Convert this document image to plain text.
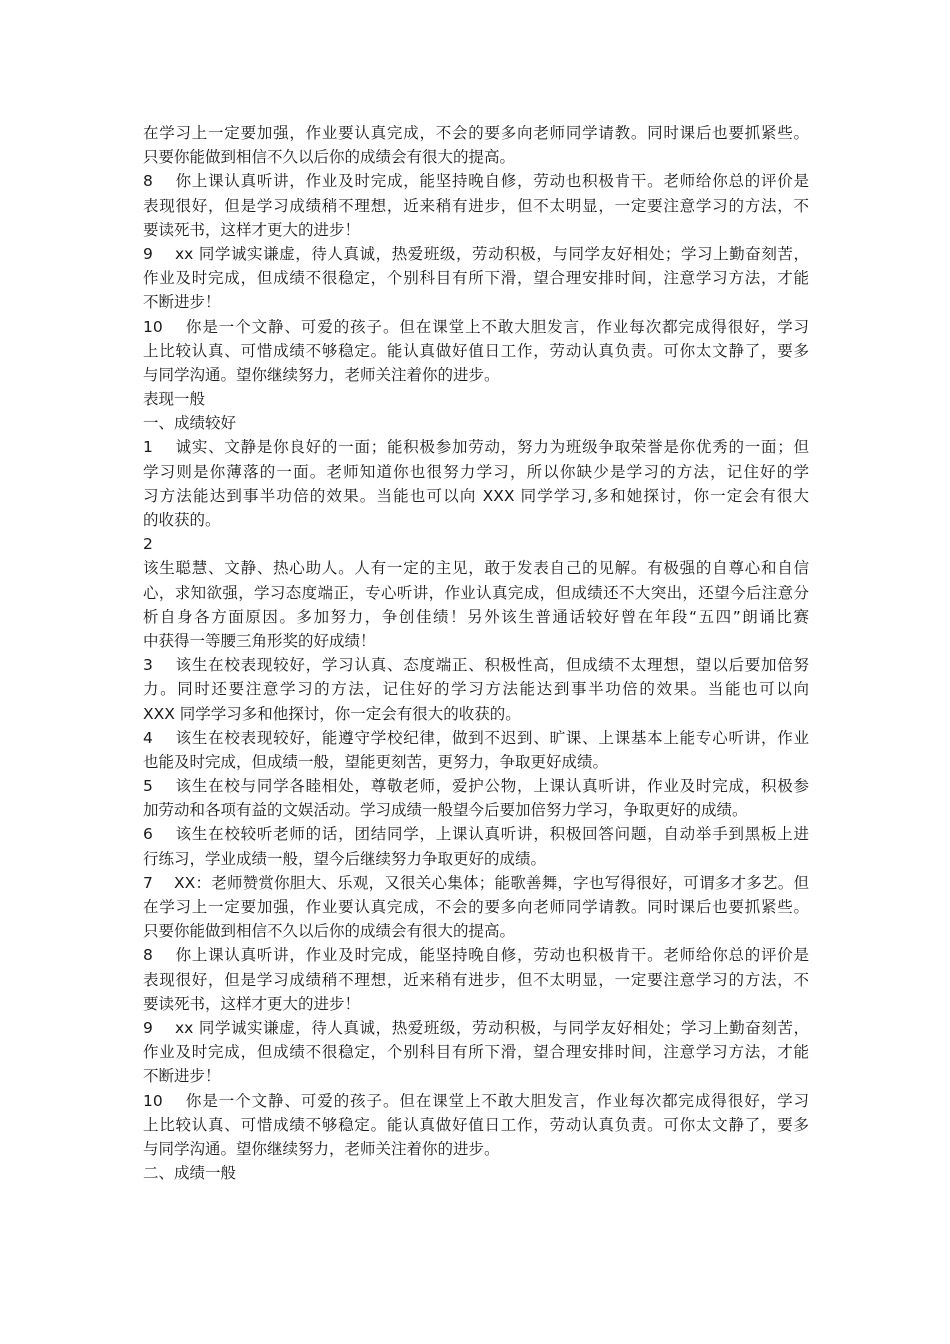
在学习上一定要加强，作业要认真完成，不会的要多向老师同学请教。同时课后也要抓紧些。
只要你能做到相信不久以后你的成绩会有很大的提高。
8　 你上课认真听讲，作业及时完成，能坚持晚自修，劳动也积极肯干。老师给你总的评价是
表现很好，但是学习成绩稍不理想，近来稍有进步，但不太明显，一定要注意学习的方法，不
要读死书，这样才更大的进步！
9　 xx 同学诚实谦虚，待人真诚，热爱班级，劳动积极，与同学友好相处；学习上勤奋刻苦，
作业及时完成，但成绩不很稳定，个别科目有所下滑，望合理安排时间，注意学习方法，才能
不断进步！
10　 你是一个文静、可爱的孩子。但在课堂上不敢大胆发言，作业每次都完成得很好，学习
上比较认真、可惜成绩不够稳定。能认真做好值日工作，劳动认真负责。可你太文静了，要多
与同学沟通。望你继续努力，老师关注着你的进步。
表现一般
一、成绩较好
1　 诚实、文静是你良好的一面；能积极参加劳动，努力为班级争取荣誉是你优秀的一面；但
学习则是你薄落的一面。老师知道你也很努力学习，所以你缺少是学习的方法，记住好的学
习方法能达到事半功倍的效果。当能也可以向 XXX 同学学习,多和她探讨，你一定会有很大
的收获的。
2
该生聪慧、文静、热心助人。人有一定的主见，敢于发表自己的见解。有极强的自尊心和自信
心，求知欲强，学习态度端正，专心听讲，作业认真完成，但成绩还不大突出，还望今后注意分
析自身各方面原因。多加努力，争创佳绩！另外该生普通话较好曾在年段“五四”朗诵比赛
中获得一等腰三角形奖的好成绩！
3　 该生在校表现较好，学习认真、态度端正、积极性高，但成绩不太理想，望以后要加倍努
力。同时还要注意学习的方法，记住好的学习方法能达到事半功倍的效果。当能也可以向
XXX 同学学习多和他探讨，你一定会有很大的收获的。
4　 该生在校表现较好，能遵守学校纪律，做到不迟到、旷课、上课基本上能专心听讲，作业
也能及时完成，但成绩一般，望能更刻苦，更努力，争取更好成绩。
5　 该生在校与同学各睦相处，尊敬老师，爱护公物，上课认真听讲，作业及时完成，积极参
加劳动和各项有益的文娱活动。学习成绩一般望今后要加倍努力学习，争取更好的成绩。
6　 该生在校较听老师的话，团结同学，上课认真听讲，积极回答问题，自动举手到黑板上进
行练习，学业成绩一般，望今后继续努力争取更好的成绩。
7　 XX：老师赞赏你胆大、乐观，又很关心集体；能歌善舞，字也写得很好，可谓多才多艺。但
在学习上一定要加强，作业要认真完成，不会的要多向老师同学请教。同时课后也要抓紧些。
只要你能做到相信不久以后你的成绩会有很大的提高。
8　 你上课认真听讲，作业及时完成，能坚持晚自修，劳动也积极肯干。老师给你总的评价是
表现很好，但是学习成绩稍不理想，近来稍有进步，但不太明显，一定要注意学习的方法，不
要读死书，这样才更大的进步！
9　 xx 同学诚实谦虚，待人真诚，热爱班级，劳动积极，与同学友好相处；学习上勤奋刻苦，
作业及时完成，但成绩不很稳定，个别科目有所下滑，望合理安排时间，注意学习方法，才能
不断进步！
10　 你是一个文静、可爱的孩子。但在课堂上不敢大胆发言，作业每次都完成得很好，学习
上比较认真、可惜成绩不够稳定。能认真做好值日工作，劳动认真负责。可你太文静了，要多
与同学沟通。望你继续努力，老师关注着你的进步。
二、成绩一般
